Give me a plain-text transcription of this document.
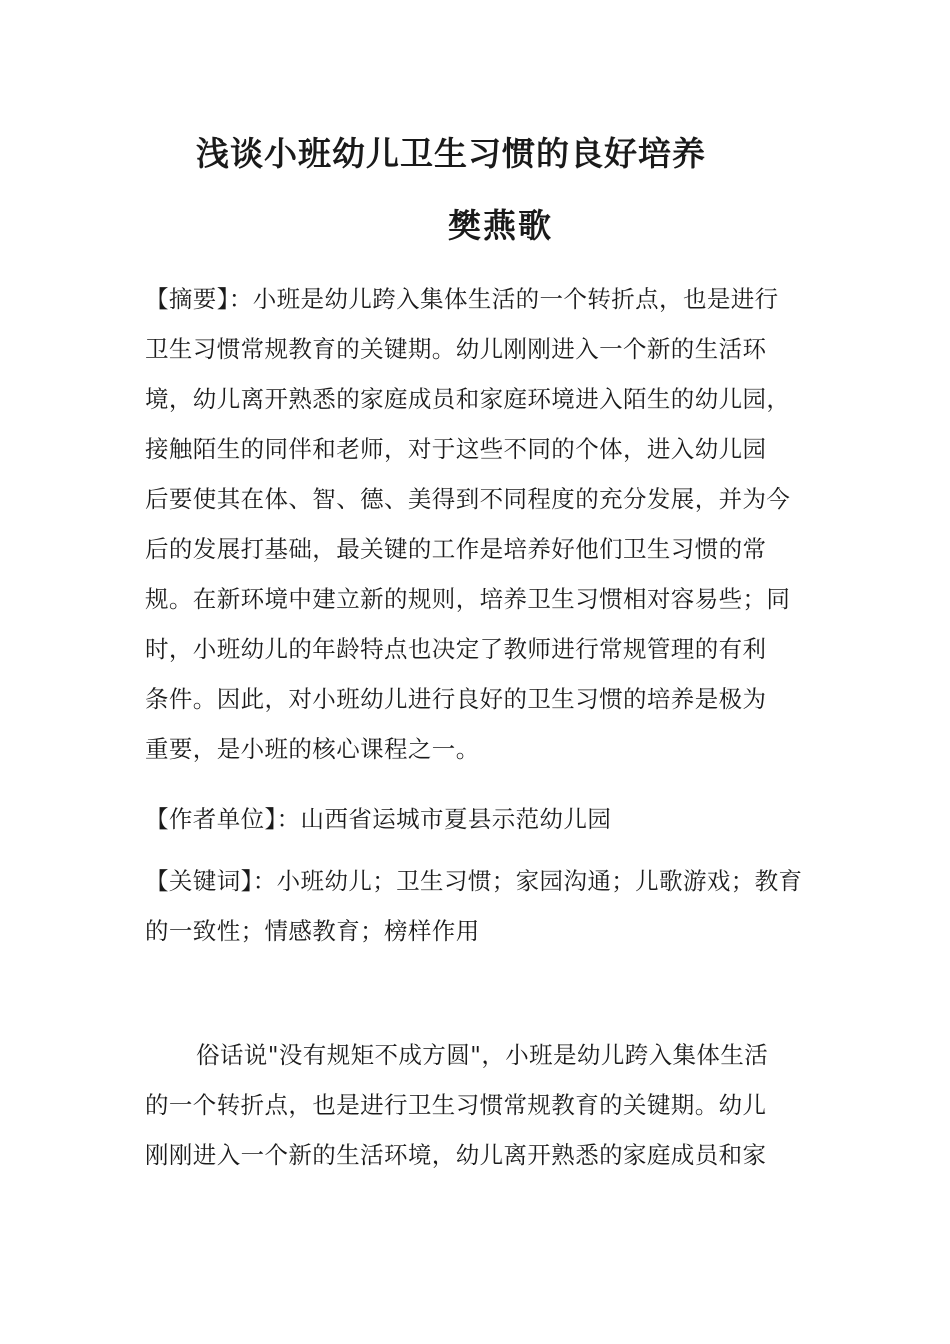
浅谈小班幼儿卫生习惯的良好培养
樊燕歌
【摘要】：小班是幼儿跨入集体生活的一个转折点，也是进行
卫生习惯常规教育的关键期。幼儿刚刚进入一个新的生活环
境，幼儿离开熟悉的家庭成员和家庭环境进入陌生的幼儿园，
接触陌生的同伴和老师，对于这些不同的个体，进入幼儿园
后要使其在体、智、德、美得到不同程度的充分发展，并为今
后的发展打基础，最关键的工作是培养好他们卫生习惯的常
规。在新环境中建立新的规则，培养卫生习惯相对容易些；同
时，小班幼儿的年龄特点也决定了教师进行常规管理的有利
条件。因此，对小班幼儿进行良好的卫生习惯的培养是极为
重要，是小班的核心课程之一。
【作者单位】：山西省运城市夏县示范幼儿园
【关键词】：小班幼儿；卫生习惯；家园沟通；儿歌游戏；教育
的一致性；情感教育；榜样作用
俗话说"没有规矩不成方圆"，小班是幼儿跨入集体生活
的一个转折点，也是进行卫生习惯常规教育的关键期。幼儿
刚刚进入一个新的生活环境，幼儿离开熟悉的家庭成员和家
